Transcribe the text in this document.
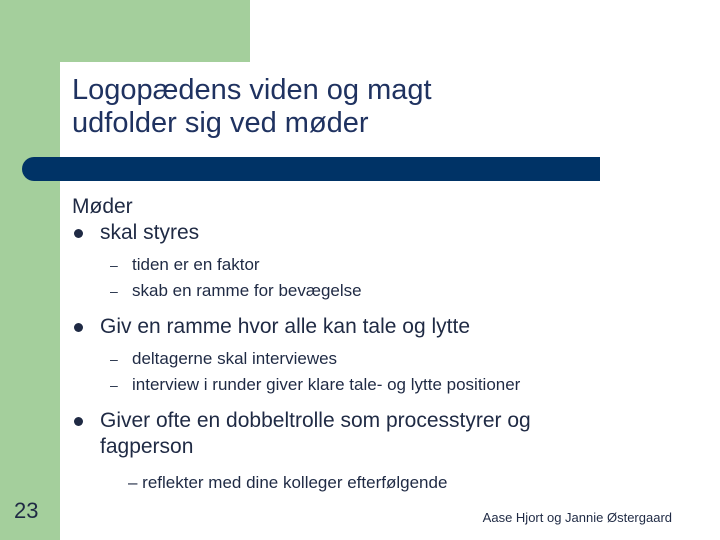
Logopædens viden og magt
udfolder sig ved møder
Møder
skal styres
– tiden er en faktor
– skab en ramme for bevægelse
Giv en ramme hvor alle kan tale og lytte
– deltagerne skal interviewes
– interview i runder giver klare tale- og lytte positioner
Giver ofte en dobbeltrolle som processtyrer og
fagperson
– reflekter med dine kolleger efterfølgende
23	Aase Hjort og Jannie Østergaard
